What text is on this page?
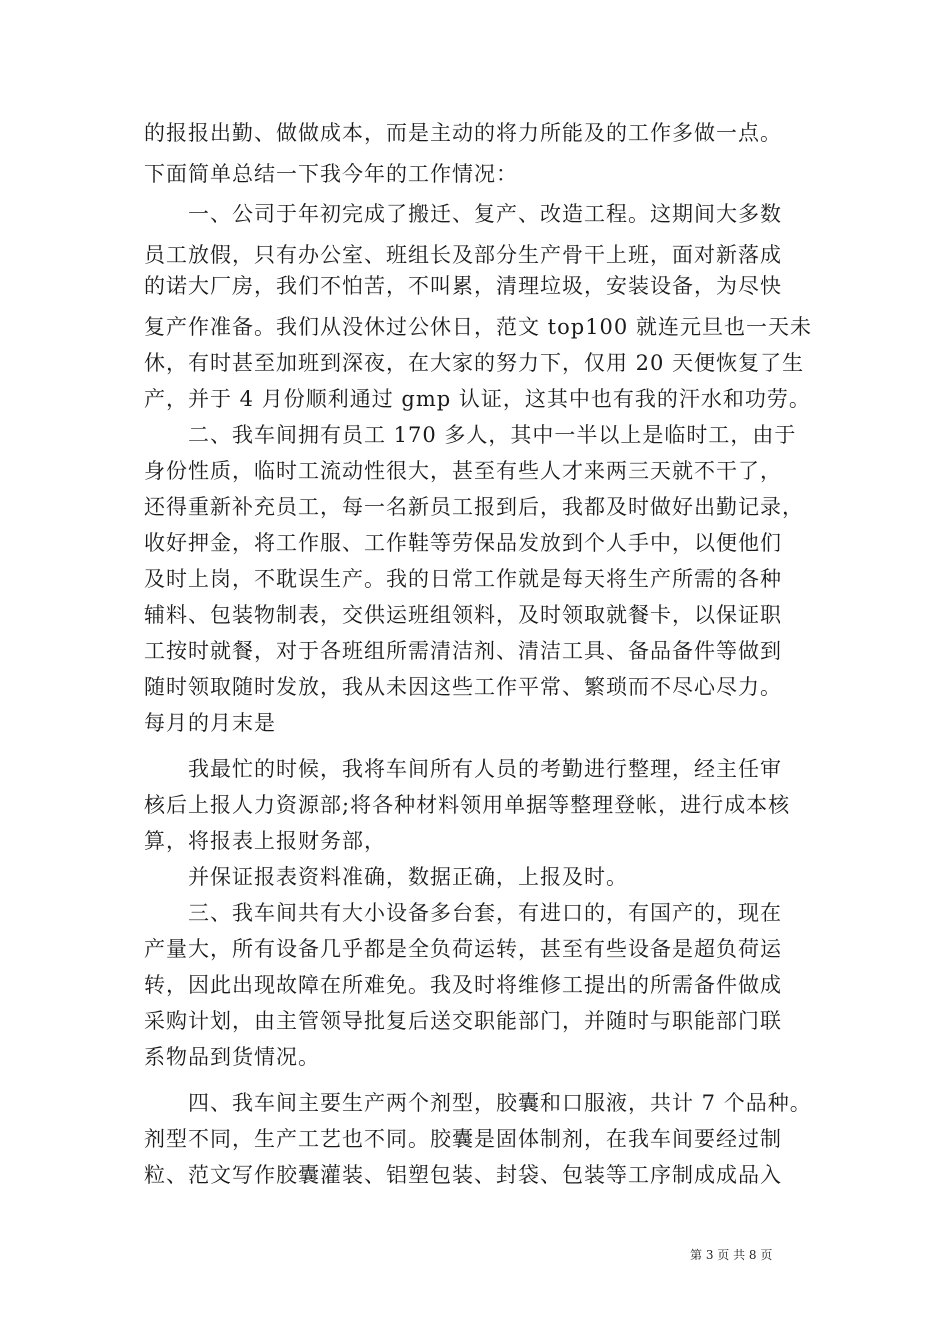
的报报出勤、做做成本，而是主动的将力所能及的工作多做一点。
下面简单总结一下我今年的工作情况：
　　一、公司于年初完成了搬迁、复产、改造工程。这期间大多数
员工放假，只有办公室、班组长及部分生产骨干上班，面对新落成
的诺大厂房，我们不怕苦，不叫累，清理垃圾，安装设备，为尽快
复产作准备。我们从没休过公休日，范文 top100 就连元旦也一天未
休，有时甚至加班到深夜，在大家的努力下，仅用 20 天便恢复了生
产，并于 4 月份顺利通过 gmp 认证，这其中也有我的汗水和功劳。
　　二、我车间拥有员工 170 多人，其中一半以上是临时工，由于
身份性质，临时工流动性很大，甚至有些人才来两三天就不干了，
还得重新补充员工，每一名新员工报到后，我都及时做好出勤记录，
收好押金，将工作服、工作鞋等劳保品发放到个人手中，以便他们
及时上岗，不耽误生产。我的日常工作就是每天将生产所需的各种
辅料、包装物制表，交供运班组领料，及时领取就餐卡，以保证职
工按时就餐，对于各班组所需清洁剂、清洁工具、备品备件等做到
随时领取随时发放，我从未因这些工作平常、繁琐而不尽心尽力。
每月的月末是
　　我最忙的时候，我将车间所有人员的考勤进行整理，经主任审
核后上报人力资源部;将各种材料领用单据等整理登帐，进行成本核
算，将报表上报财务部，
　　并保证报表资料准确，数据正确，上报及时。
　　三、我车间共有大小设备多台套，有进口的，有国产的，现在
产量大，所有设备几乎都是全负荷运转，甚至有些设备是超负荷运
转，因此出现故障在所难免。我及时将维修工提出的所需备件做成
采购计划，由主管领导批复后送交职能部门，并随时与职能部门联
系物品到货情况。
　　四、我车间主要生产两个剂型，胶囊和口服液，共计 7 个品种。
剂型不同，生产工艺也不同。胶囊是固体制剂，在我车间要经过制
粒、范文写作胶囊灌装、铝塑包装、封袋、包装等工序制成成品入
第 3 页 共 8 页
